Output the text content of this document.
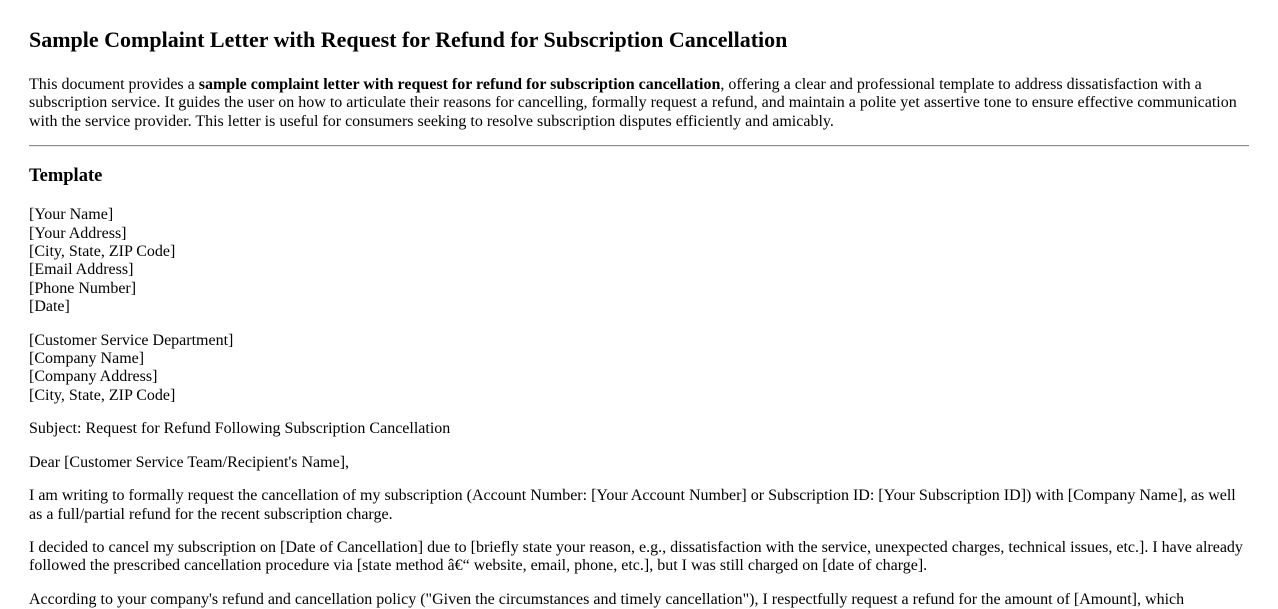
Sample Complaint Letter with Request for Refund for Subscription Cancellation

This document provides a sample complaint letter with request for refund for subscription cancellation, offering a clear and professional template to address dissatisfaction with a subscription service. It guides the user on how to articulate their reasons for cancelling, formally request a refund, and maintain a polite yet assertive tone to ensure effective communication with the service provider. This letter is useful for consumers seeking to resolve subscription disputes efficiently and amicably.

Template

[Your Name]
[Your Address]
[City, State, ZIP Code]
[Email Address]
[Phone Number]
[Date]

[Customer Service Department]
[Company Name]
[Company Address]
[City, State, ZIP Code]

Subject: Request for Refund Following Subscription Cancellation

Dear [Customer Service Team/Recipient's Name],

I am writing to formally request the cancellation of my subscription (Account Number: [Your Account Number] or Subscription ID: [Your Subscription ID]) with [Company Name], as well as a full/partial refund for the recent subscription charge.

I decided to cancel my subscription on [Date of Cancellation] due to [briefly state your reason, e.g., dissatisfaction with the service, unexpected charges, technical issues, etc.]. I have already followed the prescribed cancellation procedure via [state method â€“ website, email, phone, etc.], but I was still charged on [date of charge].

According to your company's refund and cancellation policy ("Given the circumstances and timely cancellation"), I respectfully request a refund for the amount of [Amount], which
